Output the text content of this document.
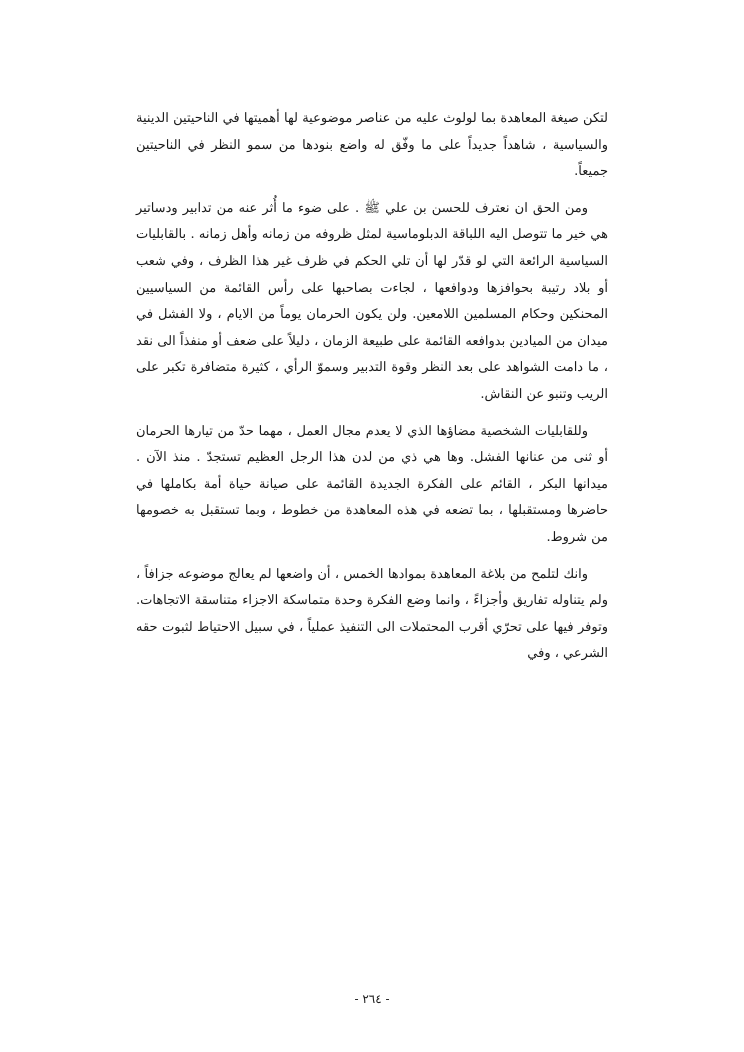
لتكن صيغة المعاهدة بما لولوث عليه من عناصر موضوعية لها أهميتها في الناحيتين الدينية والسياسية ، شاهداً جديداً على ما وفّق له واضع بنودها من سمو النظر في الناحيتين جميعاً.

ومن الحق ان نعترف للحسن بن علي ﷺ . على ضوء ما أُثر عنه من تدابير ودساتير هي خير ما تتوصل اليه اللباقة الدبلوماسية لمثل ظروفه من زمانه وأهل زمانه . بالقابليات السياسية الرائعة التي لو قدّر لها أن تلي الحكم في ظرف غير هذا الظرف ، وفي شعب أو بلاد رتيبة بحوافزها ودوافعها ، لجاءت بصاحبها على رأس القائمة من السياسيين المحنكين وحكام المسلمين اللامعين. ولن يكون الحرمان يوماً من الايام ، ولا الفشل في ميدان من الميادين بدوافعه القائمة على طبيعة الزمان ، دليلاً على ضعف أو منفذاً الى نقد ، ما دامت الشواهد على بعد النظر وقوة التدبير وسموّ الرأي ، كثيرة متضافرة تكبر على الريب وتنبو عن النقاش.

وللقابليات الشخصية مضاؤها الذي لا يعدم مجال العمل ، مهما حدّ من تيارها الحرمان أو ثنى من عنانها الفشل. وها هي ذي من لدن هذا الرجل العظيم تستجدّ . منذ الآن . ميدانها البكر ، القائم على الفكرة الجديدة القائمة على صيانة حياة أمة بكاملها في حاضرها ومستقبلها ، بما تضعه في هذه المعاهدة من خطوط ، وبما تستقبل به خصومها من شروط.

وانك لتلمح من بلاغة المعاهدة بموادها الخمس ، أن واضعها لم يعالج موضوعه جزافاً ، ولم يتناوله تفاريق وأجزاءً ، وانما وضع الفكرة وحدة متماسكة الاجزاء متناسقة الاتجاهات. وتوفر فيها على تحرّي أقرب المحتملات الى التنفيذ عملياً ، في سبيل الاحتياط لثبوت حقه الشرعي ، وفي

- ٢٦٤ -
